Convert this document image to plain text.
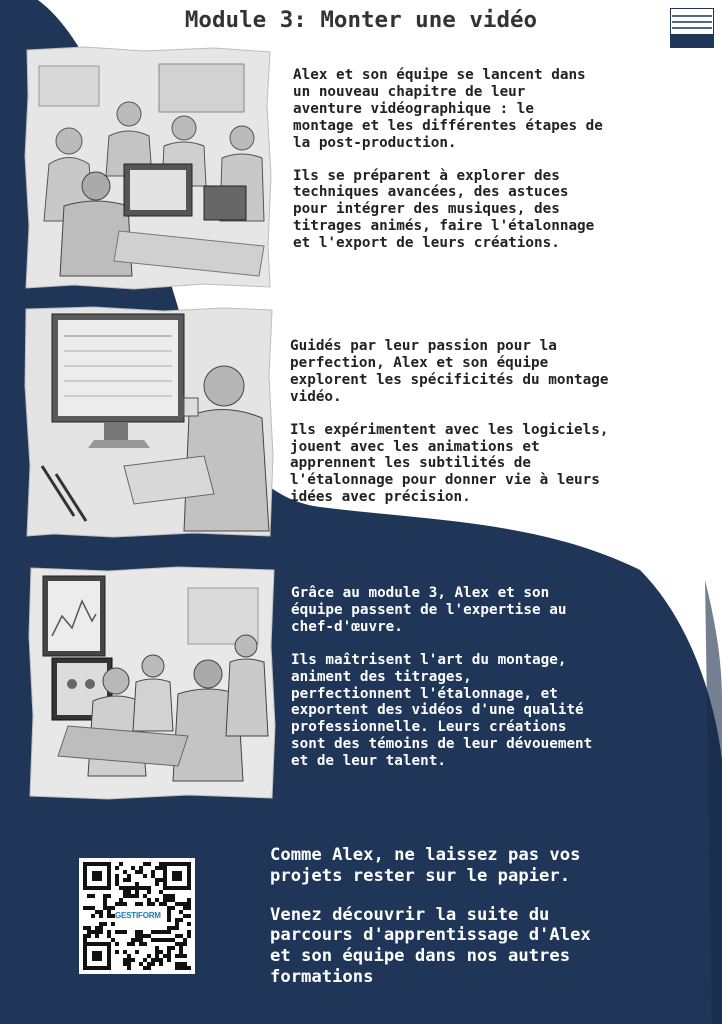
Module 3: Monter une vidéo

Alex et son équipe se lancent dans
un nouveau chapitre de leur
aventure vidéographique : le
montage et les différentes étapes de
la post-production.
Ils se préparent à explorer des
techniques avancées, des astuces
pour intégrer des musiques, des
titrages animés, faire l'étalonnage
et l'export de leurs créations.

Guidés par leur passion pour la
perfection, Alex et son équipe
explorent les spécificités du montage
vidéo.
Ils expérimentent avec les logiciels,
jouent avec les animations et
apprennent les subtilités de
l'étalonnage pour donner vie à leurs
idées avec précision.

Grâce au module 3, Alex et son
équipe passent de l'expertise au
chef-d'œuvre.
Ils maîtrisent l'art du montage,
animent des titrages,
perfectionnent l'étalonnage, et
exportent des vidéos d'une qualité
professionnelle. Leurs créations
sont des témoins de leur dévouement
et de leur talent.

GESTIFORM

Comme Alex, ne laissez pas vos
projets rester sur le papier.
Venez découvrir la suite du
parcours d'apprentissage d'Alex
et son équipe dans nos autres
formations
